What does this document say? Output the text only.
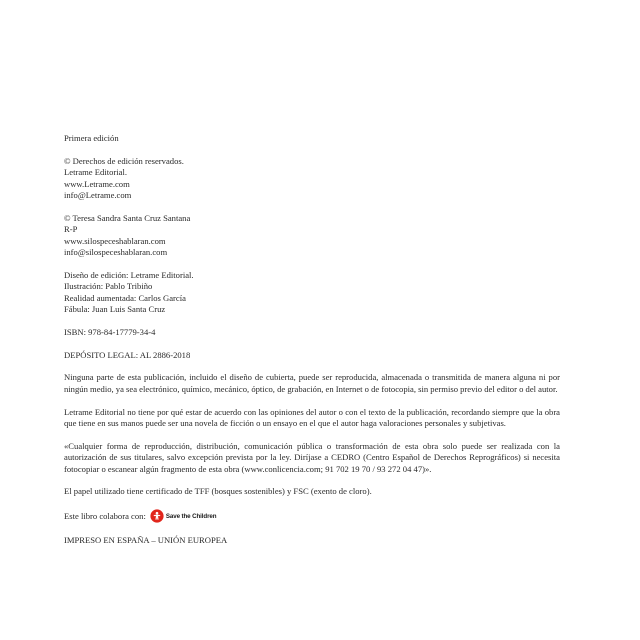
Primera edición
© Derechos de edición reservados.
Letrame Editorial.
www.Letrame.com
info@Letrame.com
© Teresa Sandra Santa Cruz Santana
R-P
www.silospeceshablaran.com
info@silospeceshablaran.com
Diseño de edición: Letrame Editorial.
Ilustración: Pablo Tribiño
Realidad aumentada: Carlos García
Fábula: Juan Luis Santa Cruz
ISBN: 978-84-17779-34-4
DEPÓSITO LEGAL: AL 2886-2018

Ninguna parte de esta publicación, incluido el diseño de cubierta, puede ser reproducida, almacenada o transmitida de manera alguna ni por ningún medio, ya sea electrónico, químico, mecánico, óptico, de grabación, en Internet o de fotocopia, sin permiso previo del editor o del autor.

Letrame Editorial no tiene por qué estar de acuerdo con las opiniones del autor o con el texto de la publicación, recordando siempre que la obra que tiene en sus manos puede ser una novela de ficción o un ensayo en el que el autor haga valoraciones personales y subjetivas.

«Cualquier forma de reproducción, distribución, comunicación pública o transformación de esta obra solo puede ser realizada con la autorización de sus titulares, salvo excepción prevista por la ley. Diríjase a CEDRO (Centro Español de Derechos Reprográficos) si necesita fotocopiar o escanear algún fragmento de esta obra (www.conlicencia.com; 91 702 19 70 / 93 272 04 47)».

El papel utilizado tiene certificado de TFF (bosques sostenibles) y FSC (exento de cloro).

Este libro colabora con:	Save the Children
IMPRESO EN ESPAÑA – UNIÓN EUROPEA
